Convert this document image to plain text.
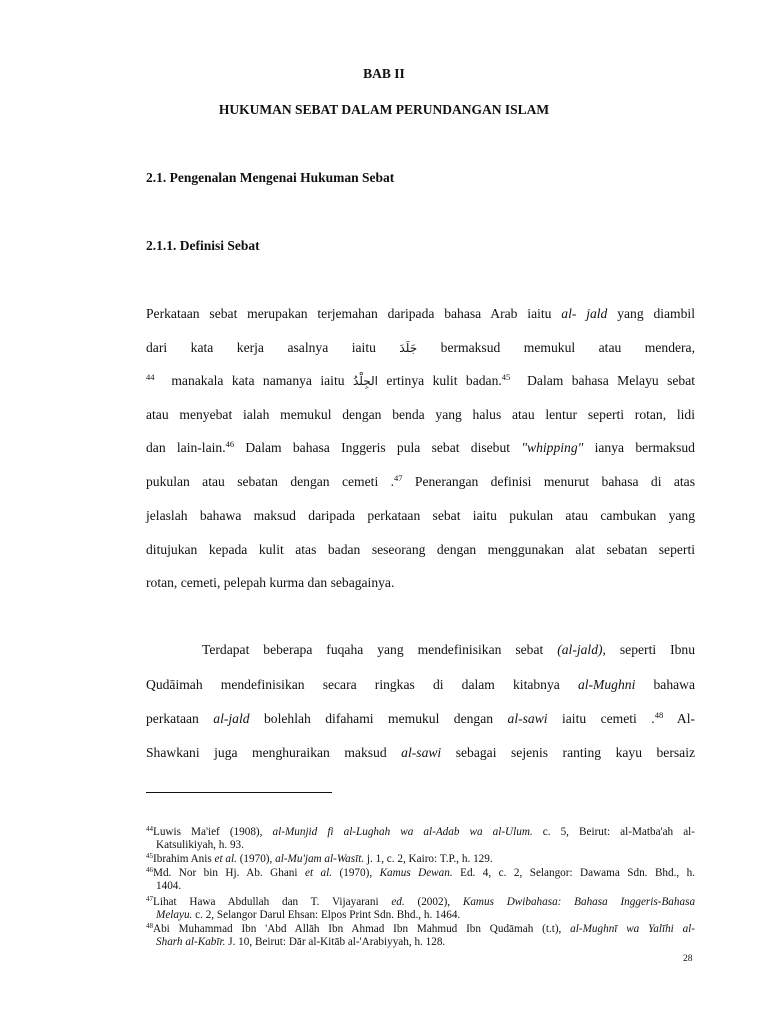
BAB II
HUKUMAN SEBAT DALAM PERUNDANGAN ISLAM
2.1. Pengenalan Mengenai Hukuman Sebat
2.1.1. Definisi Sebat
Perkataan sebat merupakan terjemahan daripada bahasa Arab iaitu al- jald yang diambil
dari kata kerja asalnya iaitu جَلَدَ bermaksud memukul atau mendera,
$^{44}$ manakala kata namanya iaitu الجِلْدُ ertinya kulit badan.$^{45}$ Dalam bahasa Melayu sebat
atau menyebat ialah memukul dengan benda yang halus atau lentur seperti rotan, lidi
dan lain-lain.$^{46}$ Dalam bahasa Inggeris pula sebat disebut "whipping" ianya bermaksud
pukulan atau sebatan dengan cemeti .$^{47}$ Penerangan definisi menurut bahasa di atas
jelaslah bahawa maksud daripada perkataan sebat iaitu pukulan atau cambukan yang
ditujukan kepada kulit atas badan seseorang dengan menggunakan alat sebatan seperti
rotan, cemeti, pelepah kurma dan sebagainya.
Terdapat beberapa fuqaha yang mendefinisikan sebat (al-jald), seperti Ibnu
Qudāimah mendefinisikan secara ringkas di dalam kitabnya al-Mughni bahawa
perkataan al-jald bolehlah difahami memukul dengan al-sawi iaitu cemeti .$^{48}$ Al-
Shawkani juga menghuraikan maksud al-sawi sebagai sejenis ranting kayu bersaiz
$^{44}$Luwis Ma'ief (1908), al-Munjid fi al-Lughah wa al-Adab wa al-Ulum. c. 5, Beirut: al-Matba'ah al-
Katsulikiyah, h. 93.
$^{45}$Ibrahim Anis et al. (1970), al-Mu'jam al-Wasīt. j. 1, c. 2, Kairo: T.P., h. 129.
$^{46}$Md. Nor bin Hj. Ab. Ghani et al. (1970), Kamus Dewan. Ed. 4, c. 2, Selangor: Dawama Sdn. Bhd., h.
1404.
$^{47}$Lihat Hawa Abdullah dan T. Vijayarani ed. (2002), Kamus Dwibahasa: Bahasa Inggeris-Bahasa
Melayu. c. 2, Selangor Darul Ehsan: Elpos Print Sdn. Bhd., h. 1464.
$^{48}$Abi Muhammad Ibn 'Abd Allāh Ibn Ahmad Ibn Mahmud Ibn Qudāmah (t.t), al-Mughnī wa Yalīhi al-
Sharh al-Kabīr. J. 10, Beirut: Dār al-Kitāb al-'Arabiyyah, h. 128.
28
